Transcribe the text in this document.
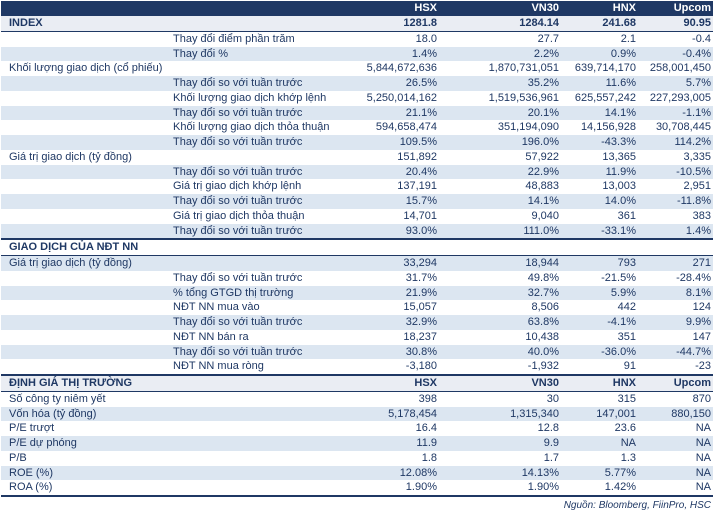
	HSX	VN30	HNX	Upcom
INDEX	1281.8	1284.14	241.68	90.95
Thay đổi điểm phần trăm	18.0	27.7	2.1	-0.4
Thay đổi %	1.4%	2.2%	0.9%	-0.4%
Khối lượng giao dịch (cổ phiếu)	5,844,672,636	1,870,731,051	639,714,170	258,001,450
Thay đổi so với tuần trước	26.5%	35.2%	11.6%	5.7%
Khối lượng giao dịch khớp lệnh	5,250,014,162	1,519,536,961	625,557,242	227,293,005
Thay đổi so với tuần trước	21.1%	20.1%	14.1%	-1.1%
Khối lượng giao dịch thỏa thuận	594,658,474	351,194,090	14,156,928	30,708,445
Thay đổi so với tuần trước	109.5%	196.0%	-43.3%	114.2%
Giá trị giao dịch (tỷ đồng)	151,892	57,922	13,365	3,335
Thay đổi so với tuần trước	20.4%	22.9%	11.9%	-10.5%
Giá trị giao dịch khớp lệnh	137,191	48,883	13,003	2,951
Thay đổi so với tuần trước	15.7%	14.1%	14.0%	-11.8%
Giá trị giao dịch thỏa thuận	14,701	9,040	361	383
Thay đổi so với tuần trước	93.0%	111.0%	-33.1%	1.4%
GIAO DỊCH CỦA NĐT NN				
Giá trị giao dịch (tỷ đồng)	33,294	18,944	793	271
Thay đổi so với tuần trước	31.7%	49.8%	-21.5%	-28.4%
% tổng GTGD thị trường	21.9%	32.7%	5.9%	8.1%
NĐT NN mua vào	15,057	8,506	442	124
Thay đổi so với tuần trước	32.9%	63.8%	-4.1%	9.9%
NĐT NN bán ra	18,237	10,438	351	147
Thay đổi so với tuần trước	30.8%	40.0%	-36.0%	-44.7%
NĐT NN mua ròng	-3,180	-1,932	91	-23
ĐỊNH GIÁ THỊ TRƯỜNG	HSX	VN30	HNX	Upcom
Số công ty niêm yết	398	30	315	870
Vốn hóa (tỷ đồng)	5,178,454	1,315,340	147,001	880,150
P/E trượt	16.4	12.8	23.6	NA
P/E dự phóng	11.9	9.9	NA	NA
P/B	1.8	1.7	1.3	NA
ROE (%)	12.08%	14.13%	5.77%	NA
ROA (%)	1.90%	1.90%	1.42%	NA
Nguồn: Bloomberg, FiinPro, HSC
